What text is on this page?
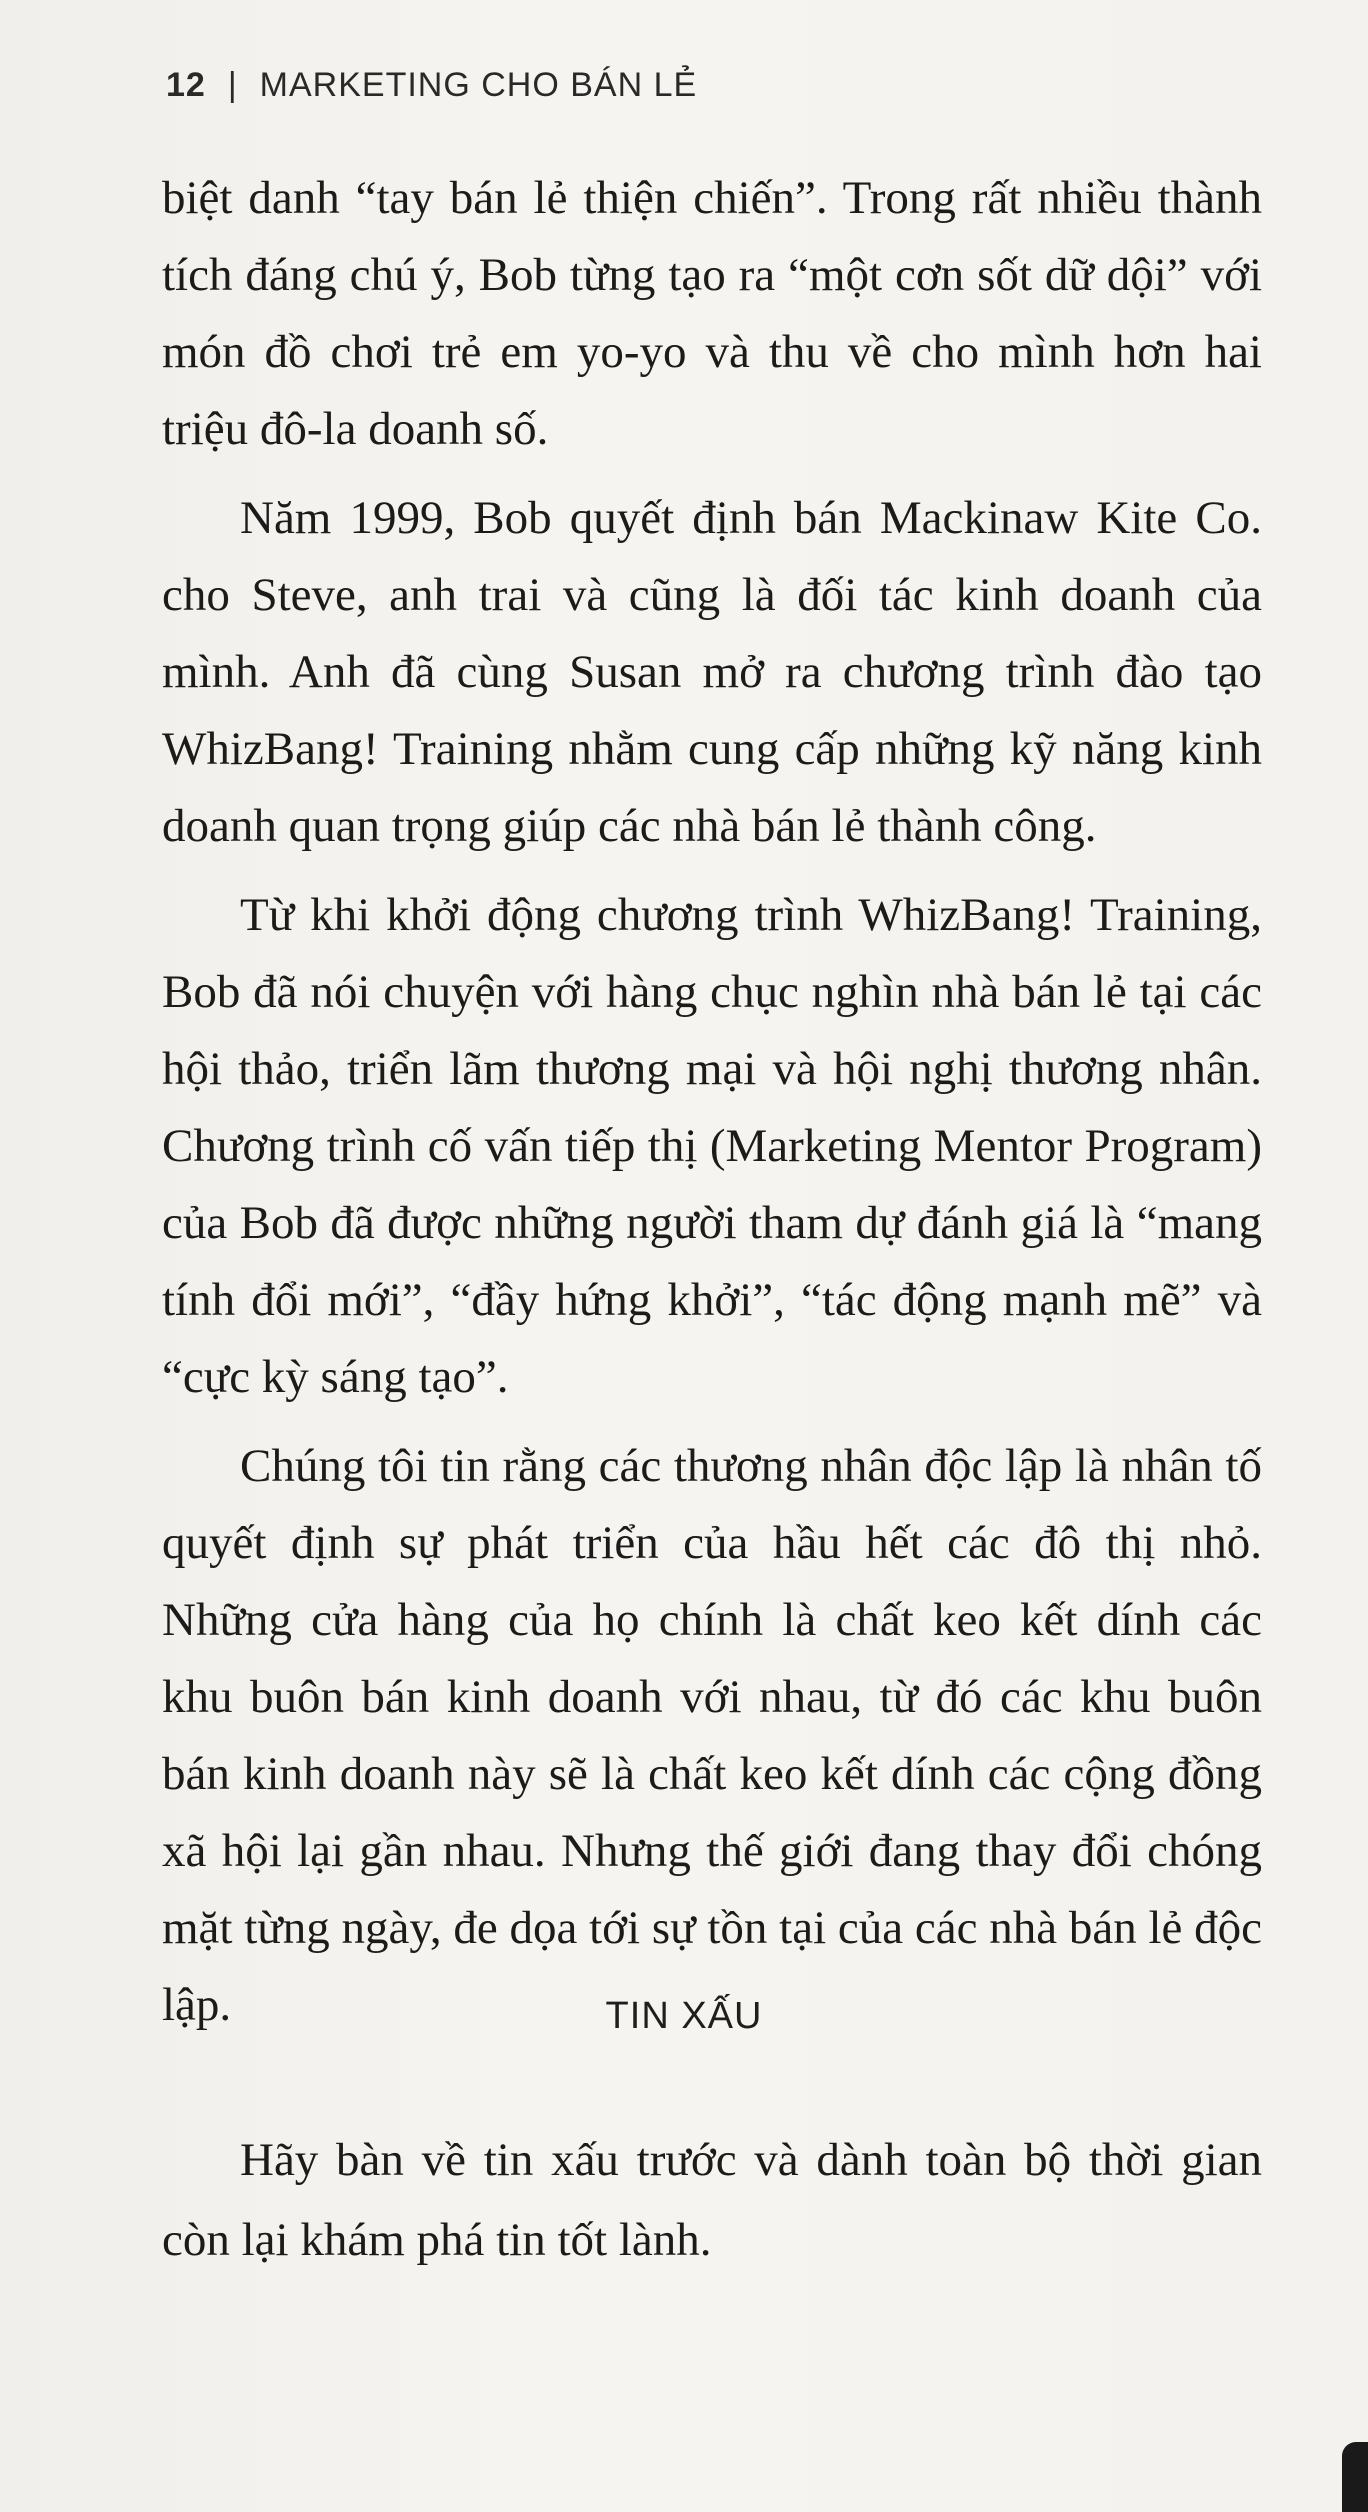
12 | MARKETING CHO BÁN LẺ

biệt danh “tay bán lẻ thiện chiến”. Trong rất nhiều thành tích đáng chú ý, Bob từng tạo ra “một cơn sốt dữ dội” với món đồ chơi trẻ em yo-yo và thu về cho mình hơn hai triệu đô-la doanh số.

Năm 1999, Bob quyết định bán Mackinaw Kite Co. cho Steve, anh trai và cũng là đối tác kinh doanh của mình. Anh đã cùng Susan mở ra chương trình đào tạo WhizBang! Training nhằm cung cấp những kỹ năng kinh doanh quan trọng giúp các nhà bán lẻ thành công.

Từ khi khởi động chương trình WhizBang! Training, Bob đã nói chuyện với hàng chục nghìn nhà bán lẻ tại các hội thảo, triển lãm thương mại và hội nghị thương nhân. Chương trình cố vấn tiếp thị (Marketing Mentor Program) của Bob đã được những người tham dự đánh giá là “mang tính đổi mới”, “đầy hứng khởi”, “tác động mạnh mẽ” và “cực kỳ sáng tạo”.

Chúng tôi tin rằng các thương nhân độc lập là nhân tố quyết định sự phát triển của hầu hết các đô thị nhỏ. Những cửa hàng của họ chính là chất keo kết dính các khu buôn bán kinh doanh với nhau, từ đó các khu buôn bán kinh doanh này sẽ là chất keo kết dính các cộng đồng xã hội lại gần nhau. Nhưng thế giới đang thay đổi chóng mặt từng ngày, đe dọa tới sự tồn tại của các nhà bán lẻ độc lập.	TIN XẤU

Hãy bàn về tin xấu trước và dành toàn bộ thời gian còn lại khám phá tin tốt lành.
